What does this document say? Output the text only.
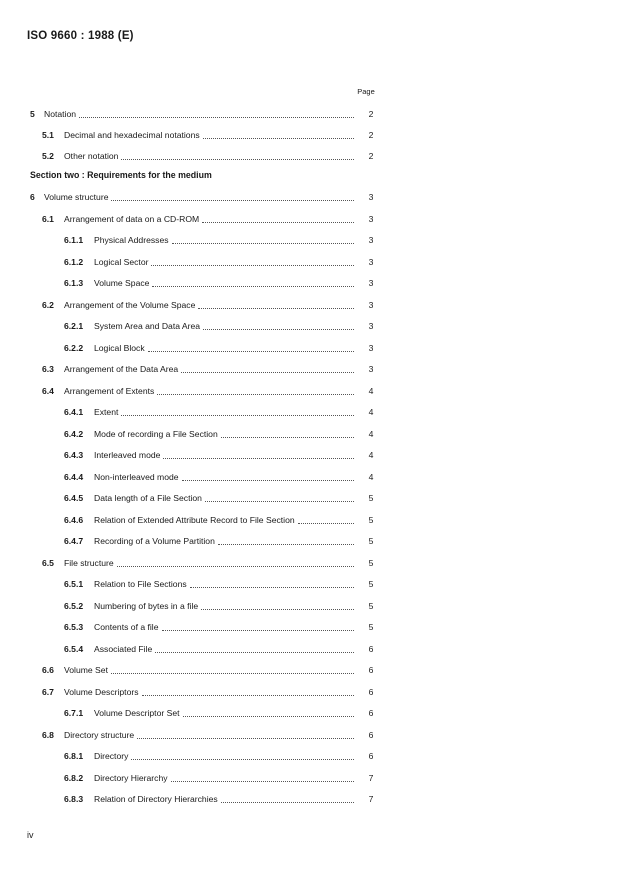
ISO 9660 : 1988 (E)
Page
5 Notation	2
5.1 Decimal and hexadecimal notations	2
5.2 Other notation	2
Section two : Requirements for the medium
6 Volume structure	3
6.1 Arrangement of data on a CD-ROM	3
6.1.1 Physical Addresses	3
6.1.2 Logical Sector	3
6.1.3 Volume Space	3
6.2 Arrangement of the Volume Space	3
6.2.1 System Area and Data Area	3
6.2.2 Logical Block	3
6.3 Arrangement of the Data Area	3
6.4 Arrangement of Extents	4
6.4.1 Extent	4
6.4.2 Mode of recording a File Section	4
6.4.3 Interleaved mode	4
6.4.4 Non-interleaved mode	4
6.4.5 Data length of a File Section	5
6.4.6 Relation of Extended Attribute Record to File Section	5
6.4.7 Recording of a Volume Partition	5
6.5 File structure	5
6.5.1 Relation to File Sections	5
6.5.2 Numbering of bytes in a file	5
6.5.3 Contents of a file	5
6.5.4 Associated File	6
6.6 Volume Set	6
6.7 Volume Descriptors	6
6.7.1 Volume Descriptor Set	6
6.8 Directory structure	6
6.8.1 Directory	6
6.8.2 Directory Hierarchy	7
6.8.3 Relation of Directory Hierarchies	7
iv
